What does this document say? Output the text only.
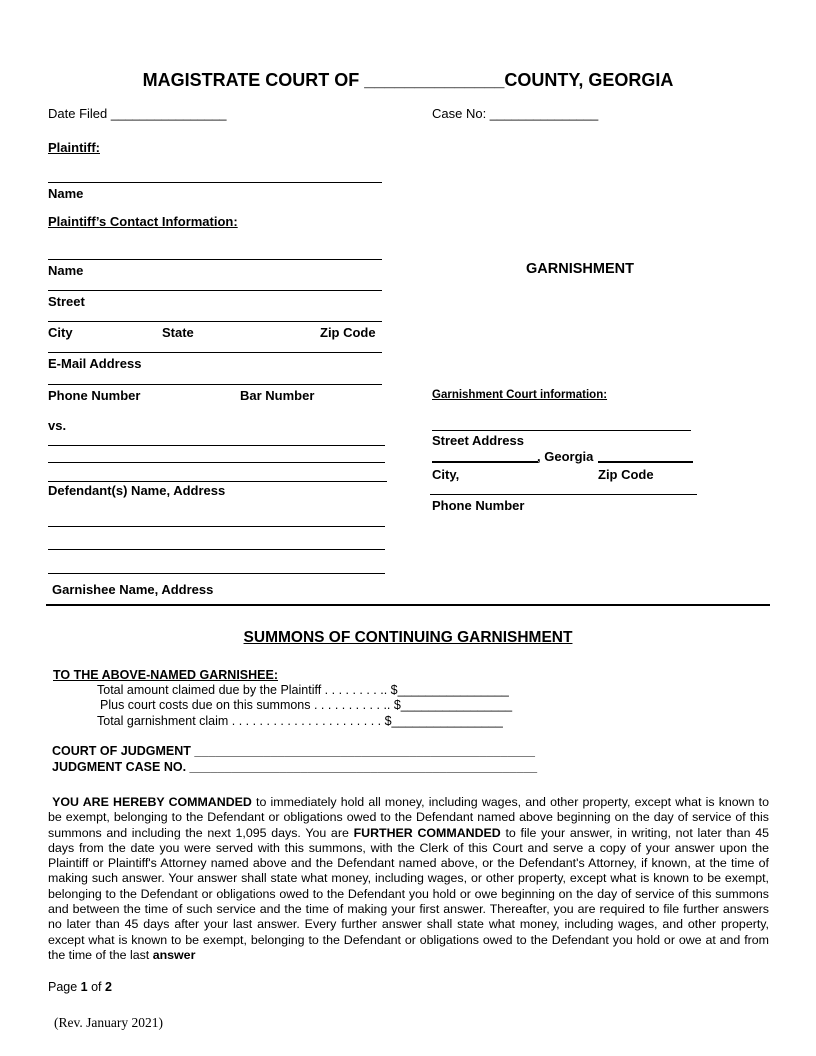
MAGISTRATE COURT OF ______________COUNTY, GEORGIA
Date Filed ________________	Case No: _______________
Plaintiff:
Name
Plaintiff’s Contact Information:
Name
Street
City	State	Zip Code
E-Mail Address
Phone Number	Bar Number
vs.
Defendant(s) Name, Address
Garnishee Name, Address
GARNISHMENT
Garnishment Court information:
Street Address
, Georgia
City,	Zip Code
Phone Number
SUMMONS OF CONTINUING GARNISHMENT
TO THE ABOVE-NAMED GARNISHEE:
Total amount claimed due by the Plaintiff . . . . . . . . .. $________________
Plus court costs due on this summons . . . . . . . . . . .. $________________
Total garnishment claim . . . . . . . . . . . . . . . . . . . . . . $________________
COURT OF JUDGMENT _________________________________________________
JUDGMENT CASE NO. __________________________________________________
YOU ARE HEREBY COMMANDED to immediately hold all money, including wages, and other property, except what is known to be exempt, belonging to the Defendant or obligations owed to the Defendant named above beginning on the day of service of this summons and including the next 1,095 days. You are FURTHER COMMANDED to file your answer, in writing, not later than 45 days from the date you were served with this summons, with the Clerk of this Court and serve a copy of your answer upon the Plaintiff or Plaintiff's Attorney named above and the Defendant named above, or the Defendant's Attorney, if known, at the time of making such answer. Your answer shall state what money, including wages, or other property, except what is known to be exempt, belonging to the Defendant or obligations owed to the Defendant you hold or owe beginning on the day of service of this summons and between the time of such service and the time of making your first answer. Thereafter, you are required to file further answers no later than 45 days after your last answer. Every further answer shall state what money, including wages, and other property, except what is known to be exempt, belonging to the Defendant or obligations owed to the Defendant you hold or owe at and from the time of the last answer
Page 1 of 2
(Rev. January 2021)
